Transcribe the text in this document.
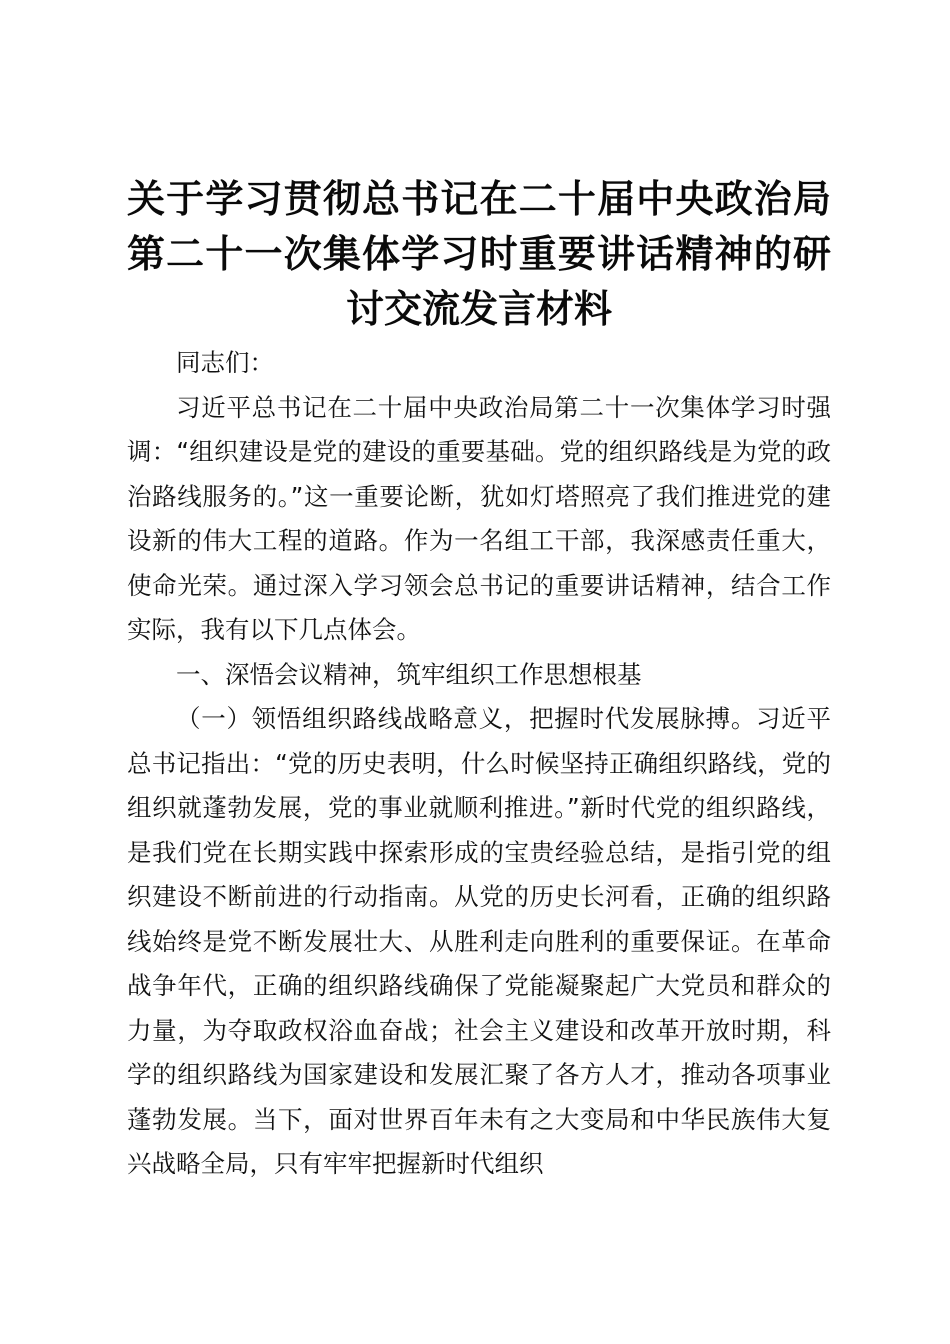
关于学习贯彻总书记在二十届中央政治局第二十一次集体学习时重要讲话精神的研讨交流发言材料

同志们：

习近平总书记在二十届中央政治局第二十一次集体学习时强调：“组织建设是党的建设的重要基础。党的组织路线是为党的政治路线服务的。”这一重要论断，犹如灯塔照亮了我们推进党的建设新的伟大工程的道路。作为一名组工干部，我深感责任重大，使命光荣。通过深入学习领会总书记的重要讲话精神，结合工作实际，我有以下几点体会。

一、深悟会议精神，筑牢组织工作思想根基

（一）领悟组织路线战略意义，把握时代发展脉搏。习近平总书记指出：“党的历史表明，什么时候坚持正确组织路线，党的组织就蓬勃发展，党的事业就顺利推进。”新时代党的组织路线，是我们党在长期实践中探索形成的宝贵经验总结，是指引党的组织建设不断前进的行动指南。从党的历史长河看，正确的组织路线始终是党不断发展壮大、从胜利走向胜利的重要保证。在革命战争年代，正确的组织路线确保了党能凝聚起广大党员和群众的力量，为夺取政权浴血奋战；社会主义建设和改革开放时期，科学的组织路线为国家建设和发展汇聚了各方人才，推动各项事业蓬勃发展。当下，面对世界百年未有之大变局和中华民族伟大复兴战略全局，只有牢牢把握新时代组织
